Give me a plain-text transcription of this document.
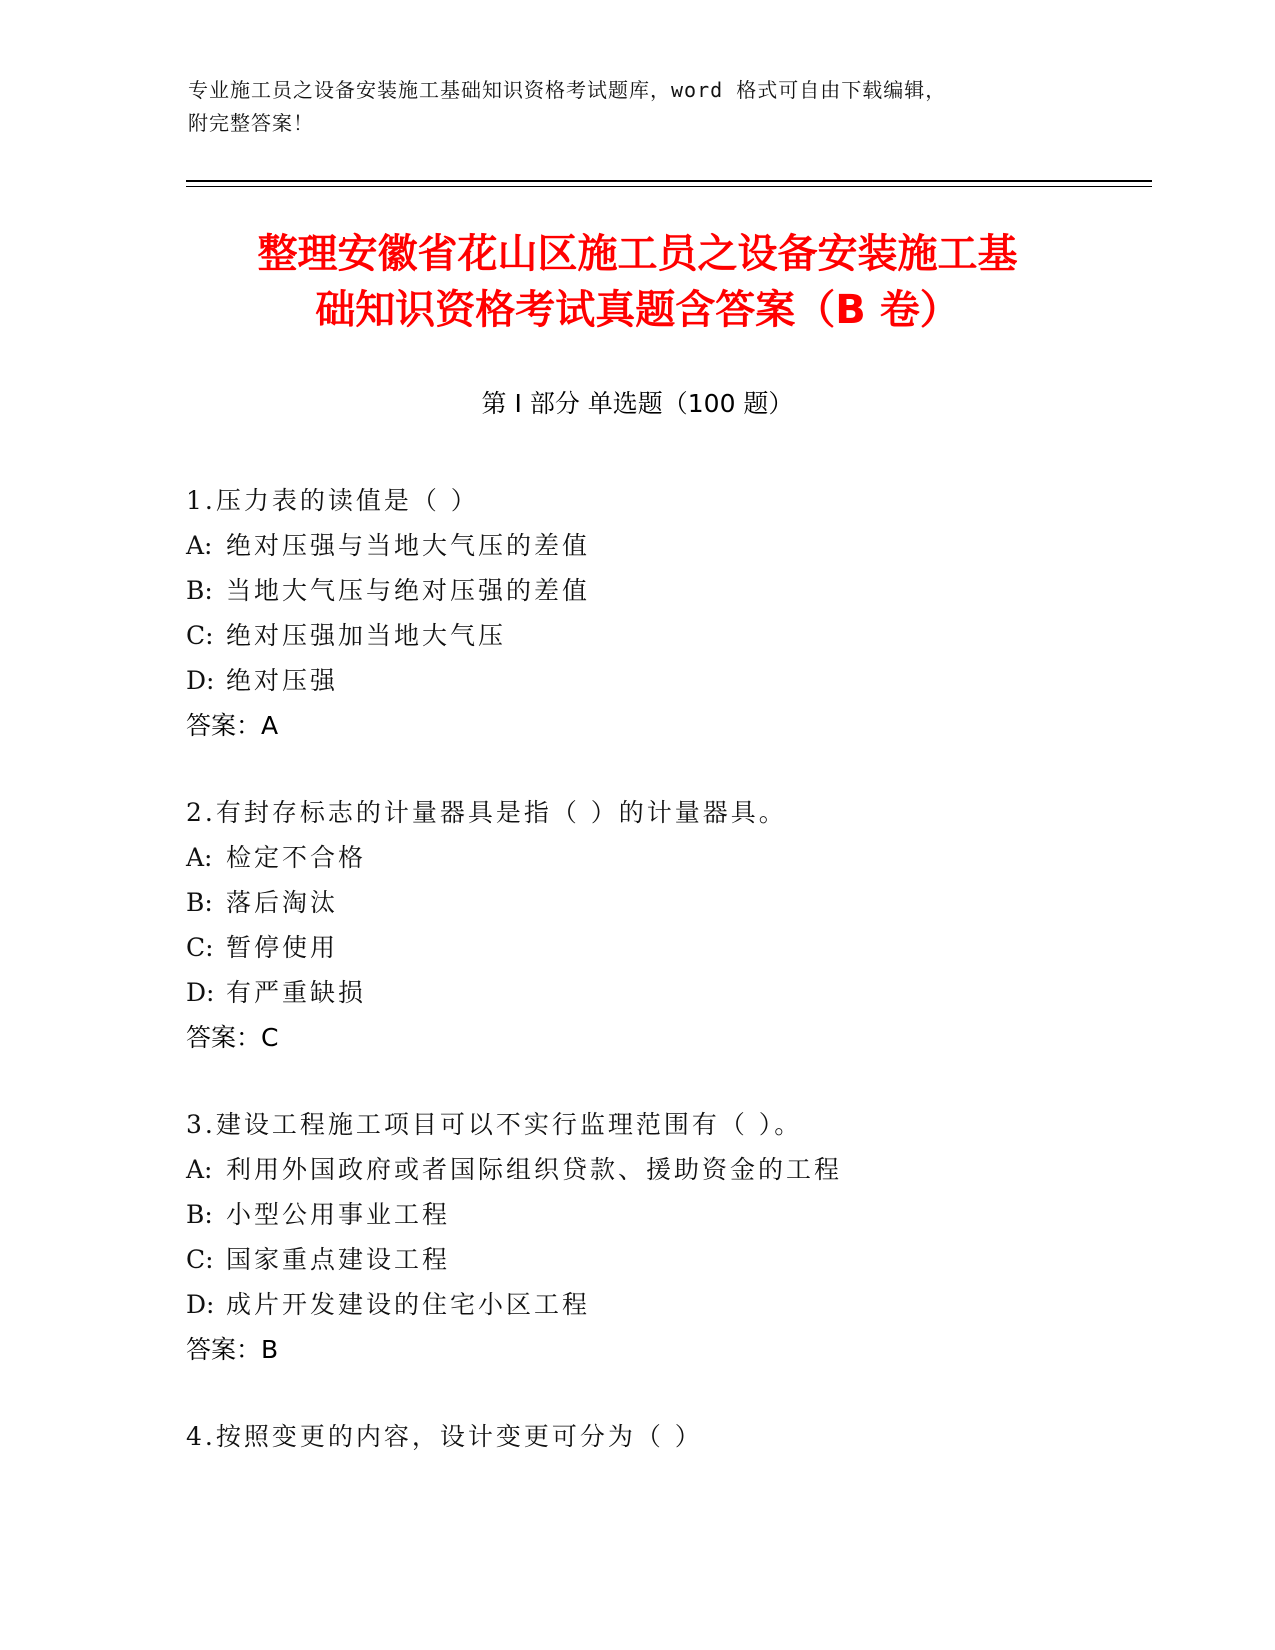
专业施工员之设备安装施工基础知识资格考试题库，word 格式可自由下载编辑，
附完整答案！
整理安徽省花山区施工员之设备安装施工基
础知识资格考试真题含答案（B 卷）
第 I 部分 单选题（100 题）
1.压力表的读值是（ ）
A: 绝对压强与当地大气压的差值
B: 当地大气压与绝对压强的差值
C: 绝对压强加当地大气压
D: 绝对压强
答案：A
2.有封存标志的计量器具是指（ ）的计量器具。
A: 检定不合格
B: 落后淘汰
C: 暂停使用
D: 有严重缺损
答案：C
3.建设工程施工项目可以不实行监理范围有（ ）。
A: 利用外国政府或者国际组织贷款、援助资金的工程
B: 小型公用事业工程
C: 国家重点建设工程
D: 成片开发建设的住宅小区工程
答案：B
4.按照变更的内容，设计变更可分为（ ）
